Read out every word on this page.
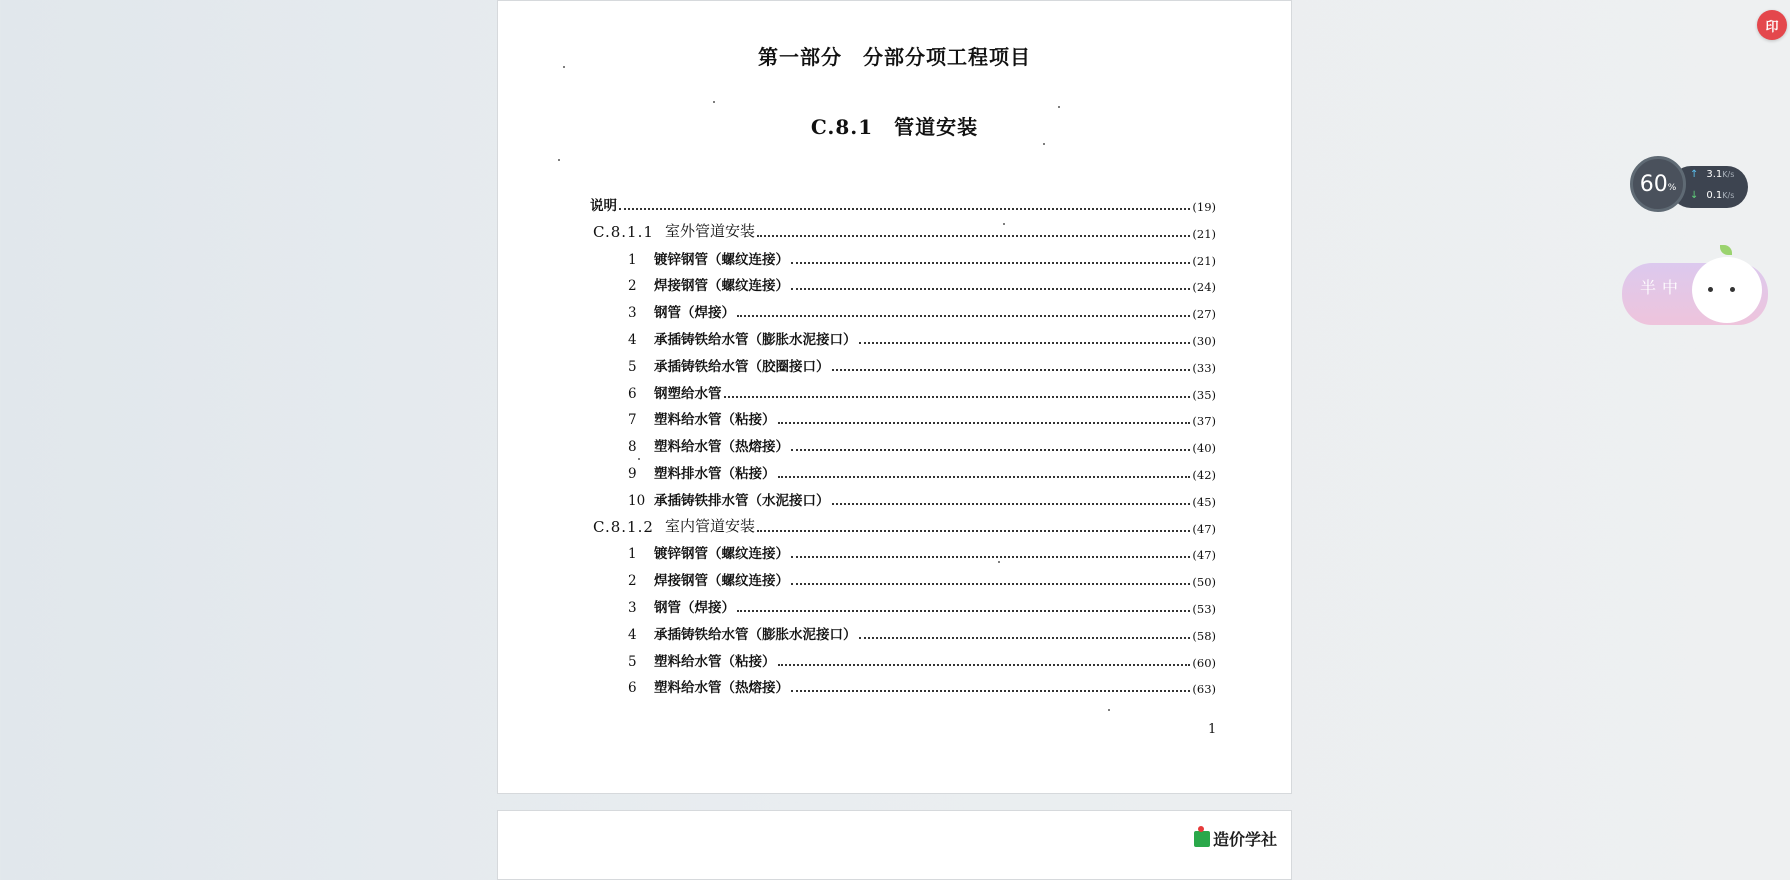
第一部分　分部分项工程项目
C.8.1　管道安装
说明	(19)
C.8.1.1 室外管道安装	(21)
1	镀锌钢管（螺纹连接）	(21)
2	焊接钢管（螺纹连接）	(24)
3	钢管（焊接）	(27)
4	承插铸铁给水管（膨胀水泥接口）	(30)
5	承插铸铁给水管（胶圈接口）	(33)
6	钢塑给水管	(35)
7	塑料给水管（粘接）	(37)
8	塑料给水管（热熔接）	(40)
9	塑料排水管（粘接）	(42)
10 承插铸铁排水管（水泥接口）	(45)
C.8.1.2 室内管道安装	(47)
1	镀锌钢管（螺纹连接）	(47)
2	焊接钢管（螺纹连接）	(50)
3	钢管（焊接）	(53)
4	承插铸铁给水管（膨胀水泥接口）	(58)
5	塑料给水管（粘接）	(60)
6	塑料给水管（热熔接）	(63)
1
造价学社
印
60 %
↑ 3.1K/s
↓ 0.1K/s
半中
